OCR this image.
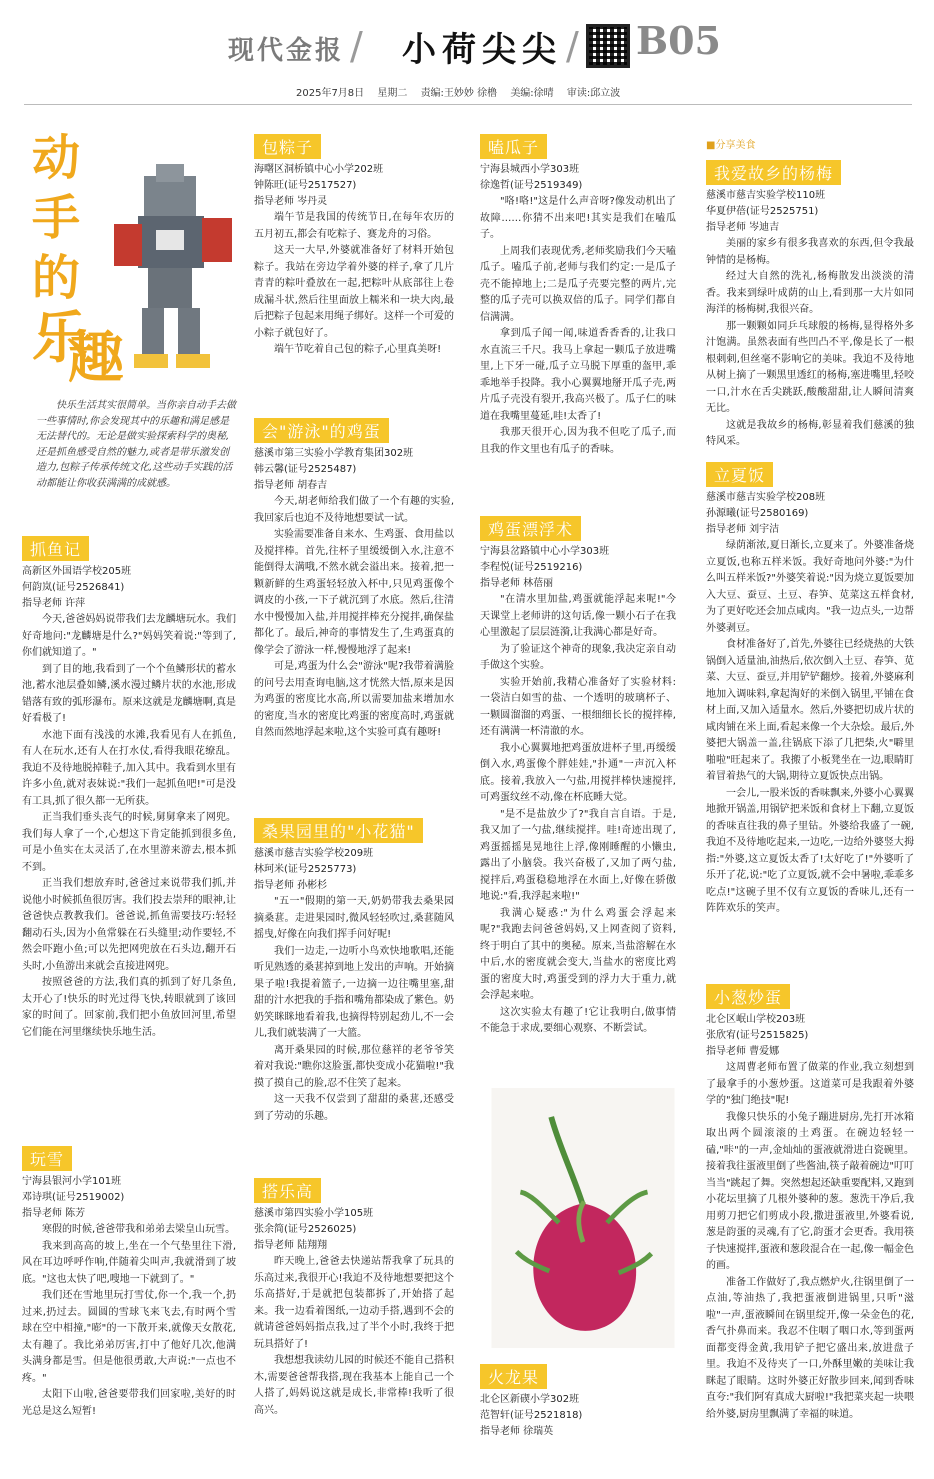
现代金报 / 小荷尖尖 / B05
2025年7月8日 星期二 责编:王妙妙 徐橹 美编:徐晴 审读:邱立波
动
手
的
乐
趣

快乐生活其实很简单。当你亲自动手去做一些事情时,你会发现其中的乐趣和满足感是无法替代的。无论是做实验探索科学的奥秘,还是抓鱼感受自然的魅力,或者是带乐激发创造力,包粽子传承传统文化,这些动手实践的活动都能让你收获满满的成就感。

抓鱼记
高新区外国语学校205班
何韵岚(证号2526841)
指导老师 许萍

今天,爸爸妈妈说带我们去龙麟塘玩水。我们好奇地问:"龙麟塘是什么?"妈妈笑着说:"等到了,你们就知道了。"

到了目的地,我看到了一个个鱼鳞形状的蓄水池,蓄水池层叠如鳞,溪水漫过鳞片状的水池,形成错落有致的弧形瀑布。原来这就是龙麟塘啊,真是好看极了!

水池下面有浅浅的水滩,我看见有人在抓鱼,有人在玩水,还有人在打水仗,看得我眼花缭乱。我迫不及待地脱掉鞋子,加入其中。我看到水里有许多小鱼,就对表妹说:"我们一起抓鱼吧!"可是没有工具,抓了很久都一无所获。

正当我们垂头丧气的时候,舅舅拿来了网兜。我们每人拿了一个,心想这下肯定能抓到很多鱼,可是小鱼实在太灵活了,在水里游来游去,根本抓不到。

正当我们想放弃时,爸爸过来说带我们抓,并说他小时候抓鱼很厉害。我们投去崇拜的眼神,让爸爸快点教教我们。爸爸说,抓鱼需要技巧:轻轻翻动石头,因为小鱼常躲在石头缝里;动作要轻,不然会吓跑小鱼;可以先把网兜放在石头边,翻开石头时,小鱼游出来就会直接进网兜。

按照爸爸的方法,我们真的抓到了好几条鱼,太开心了!快乐的时光过得飞快,转眼就到了该回家的时间了。回家前,我们把小鱼放回河里,希望它们能在河里继续快乐地生活。

玩雪
宁海县银河小学101班
邓诗琪(证号2519002)
指导老师 陈芳

寒假的时候,爸爸带我和弟弟去梁皇山玩雪。

我来到高高的坡上,坐在一个气垫里往下滑,风在耳边呼呼作响,伴随着尖叫声,我就滑到了坡底。"这也太快了吧,嗖地一下就到了。"

我们还在雪地里玩打雪仗,你一个,我一个,扔过来,扔过去。圆圆的雪球飞来飞去,有时两个雪球在空中相撞,"嘭"的一下散开来,就像天女散花,太有趣了。我比弟弟厉害,打中了他好几次,他满头满身都是雪。但是他很勇敢,大声说:"一点也不疼。"

太阳下山啦,爸爸要带我们回家啦,美好的时光总是这么短暂!

包粽子
海曙区洞桥镇中心小学202班
钟陈旺(证号2517527)
指导老师 岑丹灵

端午节是我国的传统节日,在每年农历的五月初五,都会有吃粽子、赛龙舟的习俗。

这天一大早,外婆就准备好了材料开始包粽子。我站在旁边学着外婆的样子,拿了几片青青的粽叶叠放在一起,把粽叶从底部往上卷成漏斗状,然后往里面放上糯米和一块大肉,最后把粽子包起来用绳子绑好。这样一个可爱的小粽子就包好了。

端午节吃着自己包的粽子,心里真美呀!

会"游泳"的鸡蛋
慈溪市第三实验小学教育集团302班
韩云馨(证号2525487)
指导老师 胡春吉

今天,胡老师给我们做了一个有趣的实验,我回家后也迫不及待地想要试一试。

实验需要准备自来水、生鸡蛋、食用盐以及搅拌棒。首先,往杯子里缓缓倒入水,注意不能倒得太满哦,不然水就会溢出来。接着,把一颗新鲜的生鸡蛋轻轻放入杯中,只见鸡蛋像个调皮的小孩,一下子就沉到了水底。然后,往清水中慢慢加入盐,并用搅拌棒充分搅拌,确保盐都化了。最后,神奇的事情发生了,生鸡蛋真的像学会了游泳一样,慢慢地浮了起来!

可是,鸡蛋为什么会"游泳"呢?我带着满脸的问号去用查询电脑,这才恍然大悟,原来是因为鸡蛋的密度比水高,所以需要加盐来增加水的密度,当水的密度比鸡蛋的密度高时,鸡蛋就自然而然地浮起来啦,这个实验可真有趣呀!

桑果园里的"小花猫"
慈溪市慈吉实验学校209班
林珂米(证号2525773)
指导老师 孙彬杉

"五一"假期的第一天,奶奶带我去桑果园摘桑葚。走进果园时,微风轻轻吹过,桑葚随风摇曳,好像在向我们挥手问好呢!

我们一边走,一边听小鸟欢快地歌唱,还能听见熟透的桑葚掉到地上发出的声响。开始摘果子啦!我提着篮子,一边摘一边往嘴里塞,甜甜的汁水把我的手指和嘴角都染成了紫色。奶奶笑眯眯地看着我,也摘得特别起劲儿,不一会儿,我们就装满了一大篮。

离开桑果园的时候,那位慈祥的老爷爷笑着对我说:"瞧你这脸蛋,都快变成小花猫啦!"我摸了摸自己的脸,忍不住笑了起来。

这一天我不仅尝到了甜甜的桑葚,还感受到了劳动的乐趣。

搭乐高
慈溪市第四实验小学105班
张余简(证号2526025)
指导老师 陆翔翔

昨天晚上,爸爸去快递站帮我拿了玩具的乐高过来,我很开心!我迫不及待地想要把这个乐高搭好,于是就把包装都拆了,开始搭了起来。我一边看着图纸,一边动手搭,遇到不会的就请爸爸妈妈指点我,过了半个小时,我终于把玩具搭好了!

我想想我读幼儿园的时候还不能自己搭积木,需要爸爸帮我搭,现在我基本上能自己一个人搭了,妈妈说这就是成长,非常棒!我听了很高兴。

嗑瓜子
宁海县城西小学303班
徐逸哲(证号2519349)

"咯!咯!"这是什么声音呀?像发动机出了故障……你猜不出来吧!其实是我们在嗑瓜子。

上周我们表现优秀,老师奖励我们今天嗑瓜子。嗑瓜子前,老师与我们约定:一是瓜子壳不能掉地上;二是瓜子壳要完整的两片,完整的瓜子壳可以换双倍的瓜子。同学们都自信满满。

拿到瓜子闻一闻,味道香香香的,让我口水直流三千尺。我马上拿起一颗瓜子放进嘴里,上下牙一碰,瓜子立马脱下厚重的盔甲,乖乖地举手投降。我小心翼翼地掰开瓜子壳,两片瓜子壳没有裂开,我高兴极了。瓜子仁的味道在我嘴里蔓延,哇!太香了!

我那天很开心,因为我不但吃了瓜子,而且我的作文里也有瓜子的香味。

鸡蛋漂浮术
宁海县岔路镇中心小学303班
李程悦(证号2519216)
指导老师 林蓓丽

"在清水里加盐,鸡蛋就能浮起来呢!"今天课堂上老师讲的这句话,像一颗小石子在我心里激起了层层涟漪,让我满心都是好奇。

为了验证这个神奇的现象,我决定亲自动手做这个实验。

实验开始前,我精心准备好了实验材料:一袋洁白如雪的盐、一个透明的玻璃杯子、一颗圆溜溜的鸡蛋、一根细细长长的搅拌棒,还有满满一杯清澈的水。

我小心翼翼地把鸡蛋放进杯子里,再缓缓倒入水,鸡蛋像个胖娃娃,"扑通"一声沉入杯底。接着,我放入一勺盐,用搅拌棒快速搅拌,可鸡蛋纹丝不动,像在杯底睡大觉。

"是不是盐放少了?"我自言自语。于是,我又加了一勺盐,继续搅拌。哇!奇迹出现了,鸡蛋摇摇晃晃地往上浮,像刚睡醒的小懒虫,露出了小脑袋。我兴奋极了,又加了两勺盐,搅拌后,鸡蛋稳稳地浮在水面上,好像在骄傲地说:"看,我浮起来啦!"

我满心疑惑:"为什么鸡蛋会浮起来呢?"我跑去问爸爸妈妈,又上网查阅了资料,终于明白了其中的奥秘。原来,当盐溶解在水中后,水的密度就会变大,当盐水的密度比鸡蛋的密度大时,鸡蛋受到的浮力大于重力,就会浮起来啦。

这次实验太有趣了!它让我明白,做事情不能急于求成,要细心观察、不断尝试。

火龙果
北仑区新碶小学302班
范智轩(证号2521818)
指导老师 徐瑞英
■分享美食
我爱故乡的杨梅
慈溪市慈吉实验学校110班
华夏伊蓓(证号2525751)
指导老师 岑迪吉

美丽的家乡有很多我喜欢的东西,但令我最钟情的是杨梅。

经过大自然的洗礼,杨梅散发出淡淡的清香。我来到绿叶成荫的山上,看到那一大片如同海洋的杨梅树,我很兴奋。

那一颗颗如同乒乓球般的杨梅,显得格外多汁饱满。虽然表面有些凹凸不平,像是长了一根根刺刺,但丝毫不影响它的美味。我迫不及待地从树上摘了一颗黑里透红的杨梅,塞进嘴里,轻咬一口,汁水在舌尖跳跃,酸酸甜甜,让人瞬间清爽无比。

这就是我故乡的杨梅,彰显着我们慈溪的独特风采。

立夏饭
慈溪市慈吉实验学校208班
孙源曦(证号2580169)
指导老师 刘宇洁

绿荫渐浓,夏日渐长,立夏来了。外婆准备烧立夏饭,也称五样米饭。我好奇地问外婆:"为什么叫五样米饭?"外婆笑着说:"因为烧立夏饭要加入大豆、蚕豆、土豆、春笋、苋菜这五样食材,为了更好吃还会加点咸肉。"我一边点头,一边帮外婆剥豆。

食材准备好了,首先,外婆往已经烧热的大铁锅倒入适量油,油热后,依次倒入土豆、春笋、苋菜、大豆、蚕豆,并用铲铲翻炒。接着,外婆麻利地加入调味料,拿起淘好的米倒入锅里,平铺在食材上面,又加入适量水。然后,外婆把切成片状的咸肉铺在米上面,看起来像一个大杂烩。最后,外婆把大锅盖一盖,往锅底下添了几把柴,火"噼里啪啦"旺起来了。我搬了小板凳坐在一边,眼睛盯着冒着热气的大锅,期待立夏饭快点出锅。

一会儿,一股米饭的香味飘来,外婆小心翼翼地掀开锅盖,用锅铲把米饭和食材上下翻,立夏饭的香味直往我的鼻子里钻。外婆给我盛了一碗,我迫不及待地吃起来,一边吃,一边给外婆竖大拇指:"外婆,这立夏饭太香了!太好吃了!"外婆听了乐开了花,说:"吃了立夏饭,就不会中暑啦,乖乖多吃点!"这碗子里不仅有立夏饭的香味儿,还有一阵阵欢乐的笑声。

小葱炒蛋
北仑区岷山学校203班
张欣宥(证号2515825)
指导老师 曹爱娜

这周曹老师布置了做菜的作业,我立刻想到了最拿手的小葱炒蛋。这道菜可是我跟着外婆学的"独门绝技"呢!

我像只快乐的小兔子蹦进厨房,先打开冰箱取出两个圆滚滚的土鸡蛋。在碗边轻轻一磕,"咔"的一声,金灿灿的蛋液就滑进白瓷碗里。接着我往蛋液里倒了些酱油,筷子敲着碗边"叮叮当当"跳起了舞。突然想起还缺重要配料,又跑到小花坛里摘了几根外婆种的葱。葱洗干净后,我用剪刀把它们剪成小段,撒进蛋液里,外婆看说,葱是韵蛋的灵魂,有了它,韵蛋才会更香。我用筷子快速搅拌,蛋液和葱段混合在一起,像一幅金色的画。

准备工作做好了,我点燃炉火,往锅里倒了一点油,等油热了,我把蛋液倒进锅里,只听"滋啦"一声,蛋液瞬间在锅里绽开,像一朵金色的花,香气扑鼻而来。我忍不住咽了咽口水,等到蛋两面都变得金黄,我用铲子把它盛出来,放进盘子里。我迫不及待夹了一口,外酥里嫩的美味让我眯起了眼睛。这时外婆正好散步回来,闻到香味直夸:"我们阿宥真成大厨啦!"我把菜夹起一块喂给外婆,厨房里飘满了幸福的味道。
